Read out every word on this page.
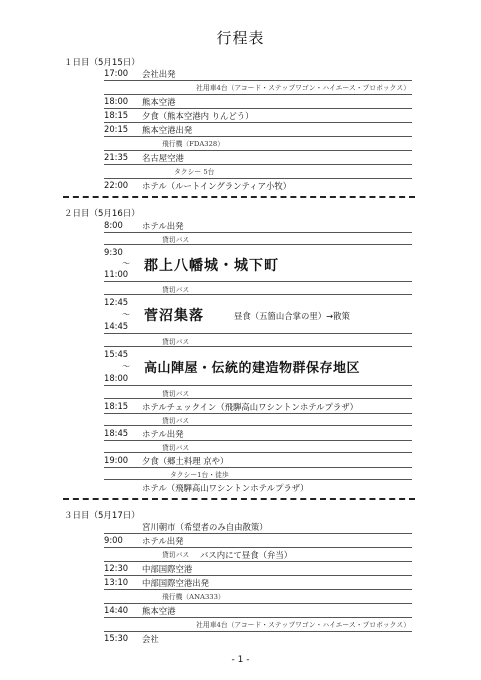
行程表
１日目（5月15日）
17:00	会社出発
社用車4台（アコード・ステップワゴン・ハイエース・プロボックス）
18:00	熊本空港
18:15	夕食（熊本空港内 りんどう）
20:15	熊本空港出発
飛行機（FDA328）
21:35	名古屋空港
タクシー 5台
22:00	ホテル（ルートイングランティア小牧）
２日目（5月16日）
8:00	ホテル出発
貸切バス
9:30
〜
11:00	郡上八幡城・城下町
貸切バス
12:45
〜
14:45
菅沼集落	昼食（五箇山合掌の里）→散策
貸切バス
15:45
〜
18:00
高山陣屋・伝統的建造物群保存地区
貸切バス
18:15	ホテルチェックイン（飛騨高山ワシントンホテルプラザ）
貸切バス
18:45	ホテル出発
貸切バス
19:00	夕食（郷土料理 京や）
タクシー1台・徒歩
ホテル（飛騨高山ワシントンホテルプラザ）
３日目（5月17日）
宮川朝市（希望者のみ自由散策）
9:00	ホテル出発
貸切バス バス内にて昼食（弁当）
12:30	中部国際空港
13:10	中部国際空港出発
飛行機（ANA333）
14:40	熊本空港
社用車4台（アコード・ステップワゴン・ハイエース・プロボックス）
15:30	会社
- 1 -
